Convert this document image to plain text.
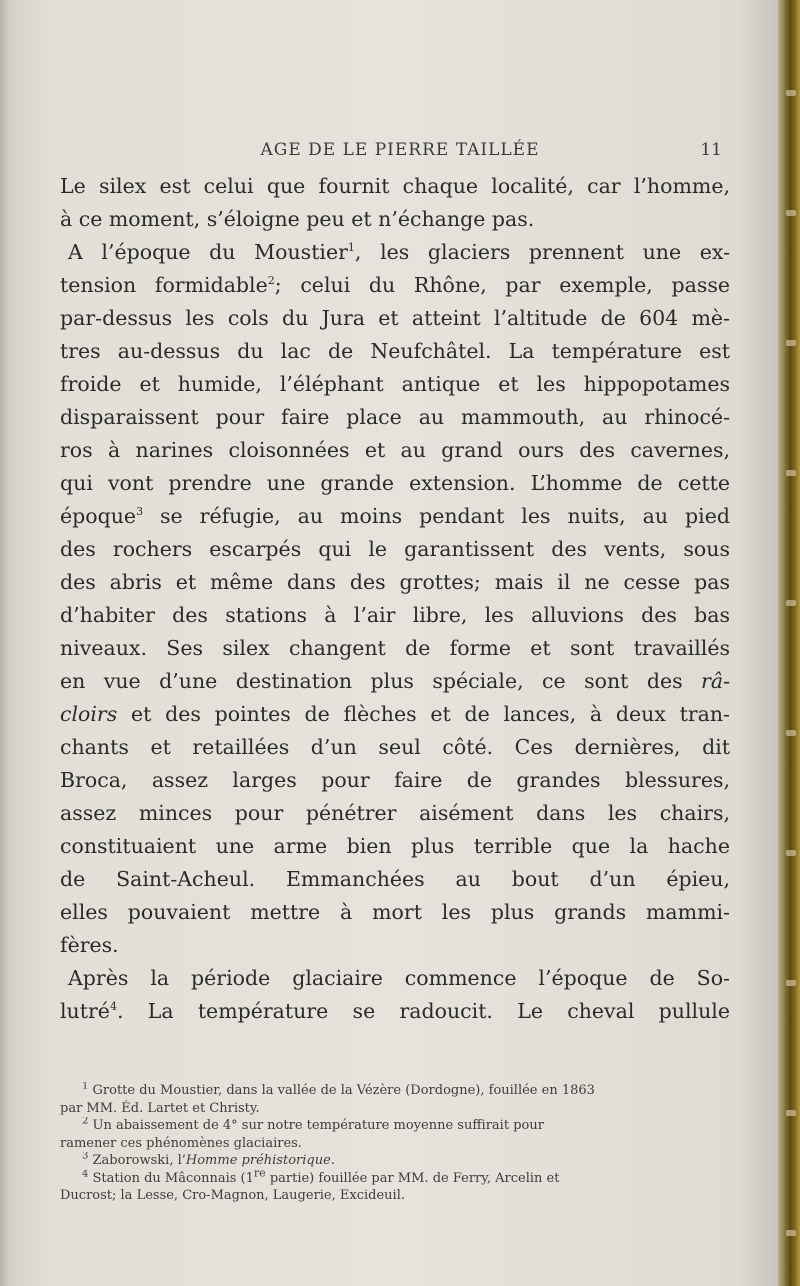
AGE DE LE PIERRE TAILLÉE	11
Le silex est celui que fournit chaque localité, car l’homme,
à ce moment, s’éloigne peu et n’échange pas.
A l’époque du Moustier$^1$, les glaciers prennent une ex-
tension formidable$^2$; celui du Rhône, par exemple, passe
par-dessus les cols du Jura et atteint l’altitude de 604 mè-
tres au-dessus du lac de Neufchâtel. La température est
froide et humide, l’éléphant antique et les hippopotames
disparaissent pour faire place au mammouth, au rhinocé-
ros à narines cloisonnées et au grand ours des cavernes,
qui vont prendre une grande extension. L’homme de cette
époque$^3$ se réfugie, au moins pendant les nuits, au pied
des rochers escarpés qui le garantissent des vents, sous
des abris et même dans des grottes; mais il ne cesse pas
d’habiter des stations à l’air libre, les alluvions des bas
niveaux. Ses silex changent de forme et sont travaillés
en vue d’une destination plus spéciale, ce sont des râ-
cloirs et des pointes de flèches et de lances, à deux tran-
chants et retaillées d’un seul côté. Ces dernières, dit
Broca, assez larges pour faire de grandes blessures,
assez minces pour pénétrer aisément dans les chairs,
constituaient une arme bien plus terrible que la hache
de Saint-Acheul. Emmanchées au bout d’un épieu,
elles pouvaient mettre à mort les plus grands mammi-
fères.
Après la période glaciaire commence l’époque de So-
lutré$^4$. La température se radoucit. Le cheval pullule
$^1$ Grotte du Moustier, dans la vallée de la Vézère (Dordogne), fouillée en 1863
par MM. Éd. Lartet et Christy.
$^2$ Un abaissement de 4° sur notre température moyenne suffirait pour
ramener ces phénomènes glaciaires.
$^3$ Zaborowski, l’Homme préhistorique.
$^4$ Station du Mâconnais (1re partie) fouillée par MM. de Ferry, Arcelin et
Ducrost; la Lesse, Cro-Magnon, Laugerie, Excideuil.
